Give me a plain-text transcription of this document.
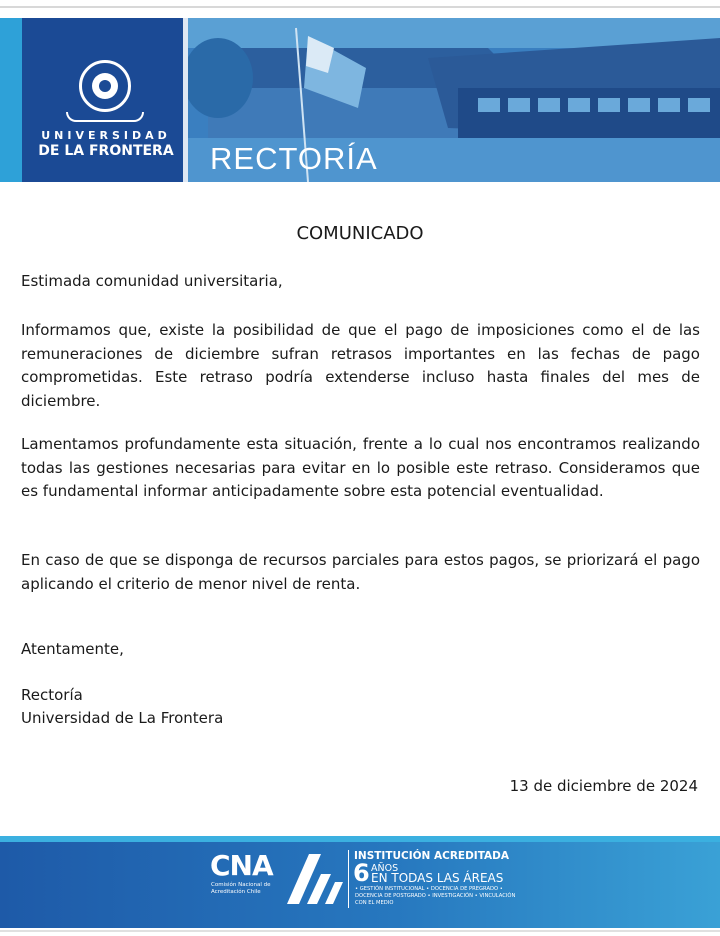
UNIVERSIDAD
DE LA FRONTERA RECTORÍA
COMUNICADO
Estimada comunidad universitaria,
Informamos que, existe la posibilidad de que el pago de imposiciones como el de las remuneraciones de diciembre sufran retrasos importantes en las fechas de pago comprometidas. Este retraso podría extenderse incluso hasta finales del mes de diciembre.
Lamentamos profundamente esta situación, frente a lo cual nos encontramos realizando todas las gestiones necesarias para evitar en lo posible este retraso. Consideramos que es fundamental informar anticipadamente sobre esta potencial eventualidad.
En caso de que se disponga de recursos parciales para estos pagos, se priorizará el pago aplicando el criterio de menor nivel de renta.
Atentamente,
Rectoría
Universidad de La Frontera
13 de diciembre de 2024
CNA
Comisión Nacional de Acreditación Chile
INSTITUCIÓN ACREDITADA
6 AÑOS
EN TODAS LAS ÁREAS
• GESTIÓN INSTITUCIONAL • DOCENCIA DE PREGRADO • DOCENCIA DE POSTGRADO • INVESTIGACIÓN • VINCULACIÓN CON EL MEDIO
